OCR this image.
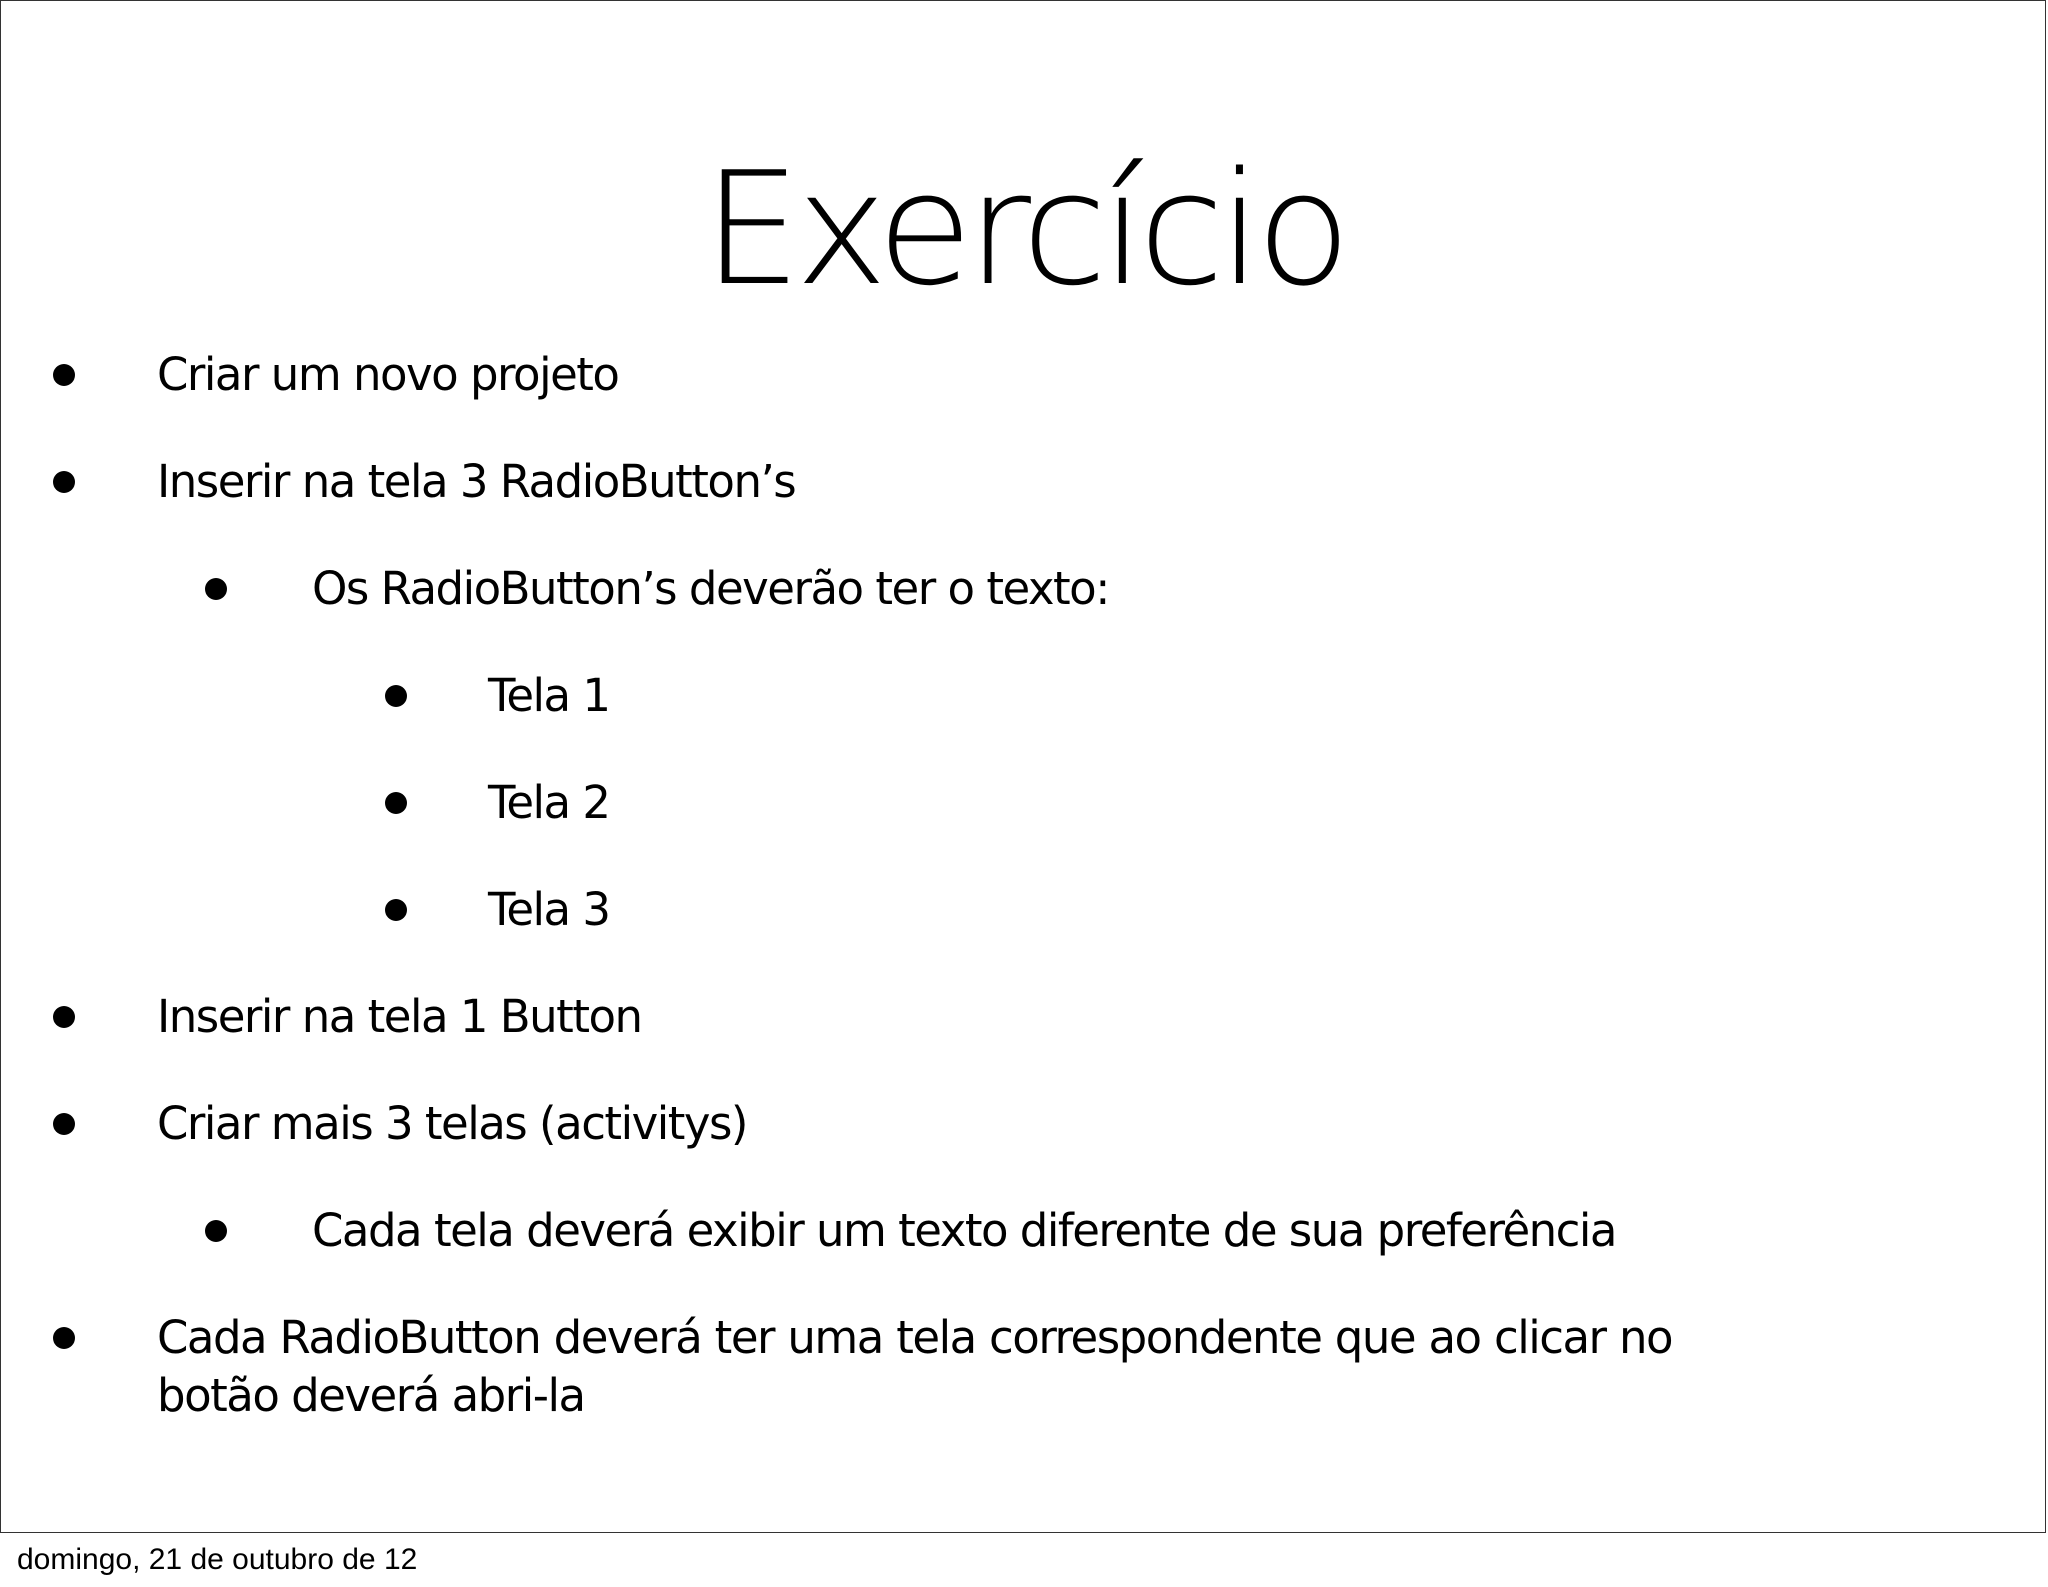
Exercício
Criar um novo projeto
Inserir na tela 3 RadioButton’s
Os RadioButton’s deverão ter o texto:
Tela 1
Tela 2
Tela 3
Inserir na tela 1 Button
Criar mais 3 telas (activitys)
Cada tela deverá exibir um texto diferente de sua preferência
Cada RadioButton deverá ter uma tela correspondente que ao clicar no botão deverá abri-la
domingo, 21 de outubro de 12
